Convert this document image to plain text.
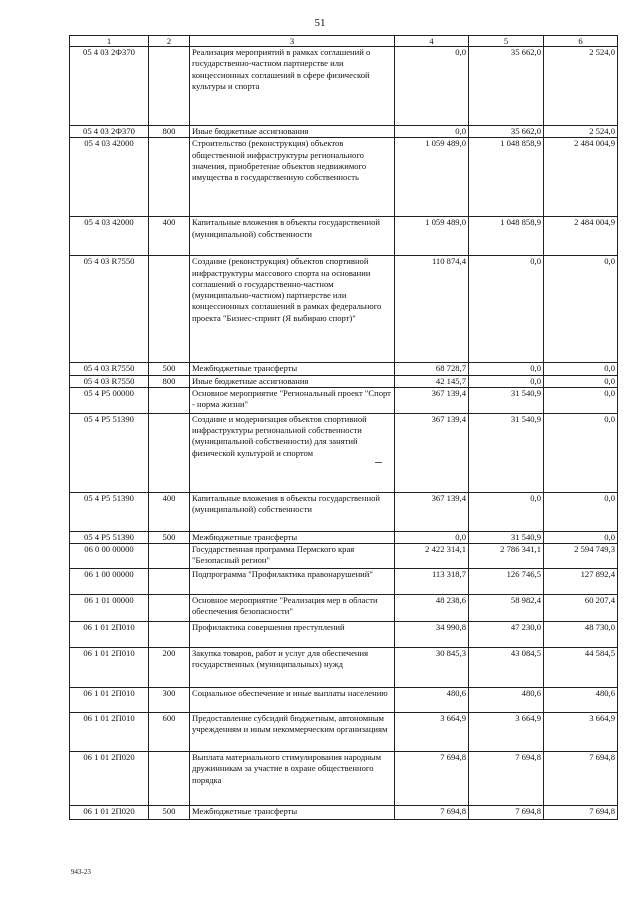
51
1	2	3	4	5	6
05 4 03 2Ф370		Реализация мероприятий в рамках соглашений о государственно-частном партнерстве или концессионных соглашений в сфере физической культуры и спорта	0,0	35 662,0	2 524,0
05 4 03 2Ф370	800	Иные бюджетные ассигнования	0,0	35 662,0	2 524,0
05 4 03 42000		Строительство (реконструкция) объектов общественной инфраструктуры регионального значения, приобретение объектов недвижимого имущества в государственную собственность	1 059 489,0	1 048 858,9	2 484 004,9
05 4 03 42000	400	Капитальные вложения в объекты государственной (муниципальной) собственности	1 059 489,0	1 048 858,9	2 484 004,9
05 4 03 R7550		Создание (реконструкция) объектов спортивной инфраструктуры массового спорта на основании соглашений о государственно-частном (муниципально-частном) партнерстве или концессионных соглашений в рамках федерального проекта "Бизнес-спринт (Я выбираю спорт)"	110 874,4	0,0	0,0
05 4 03 R7550	500	Межбюджетные трансферты	68 728,7	0,0	0,0
05 4 03 R7550	800	Иные бюджетные ассигнования	42 145,7	0,0	0,0
05 4 P5 00000		Основное мероприятие "Региональный проект "Спорт - норма жизни"	367 139,4	31 540,9	0,0
05 4 P5 51390		Создание и модернизация объектов спортивной инфраструктуры региональной собственности (муниципальной собственности) для занятий физической культурой и спортом	367 139,4	31 540,9	0,0
05 4 P5 51390	400	Капитальные вложения в объекты государственной (муниципальной) собственности	367 139,4	0,0	0,0
05 4 P5 51390	500	Межбюджетные трансферты	0,0	31 540,9	0,0
06 0 00 00000		Государственная программа Пермского края "Безопасный регион"	2 422 314,1	2 786 341,1	2 594 749,3
06 1 00 00000		Подпрограмма "Профилактика правонарушений"	113 318,7	126 746,5	127 892,4
06 1 01 00000		Основное мероприятие "Реализация мер в области обеспечения безопасности"	48 238,6	58 982,4	60 207,4
06 1 01 2П010		Профилактика совершения преступлений	34 990,8	47 230,0	48 730,0
06 1 01 2П010	200	Закупка товаров, работ и услуг для обеспечения государственных (муниципальных) нужд	30 845,3	43 084,5	44 584,5
06 1 01 2П010	300	Социальное обеспечение и иные выплаты населению	480,6	480,6	480,6
06 1 01 2П010	600	Предоставление субсидий бюджетным, автономным учреждениям и иным некоммерческим организациям	3 664,9	3 664,9	3 664,9
06 1 01 2П020		Выплата материального стимулирования народным дружинникам за участие в охране общественного порядка	7 694,8	7 694,8	7 694,8
06 1 01 2П020	500	Межбюджетные трансферты	7 694,8	7 694,8	7 694,8
943-23
